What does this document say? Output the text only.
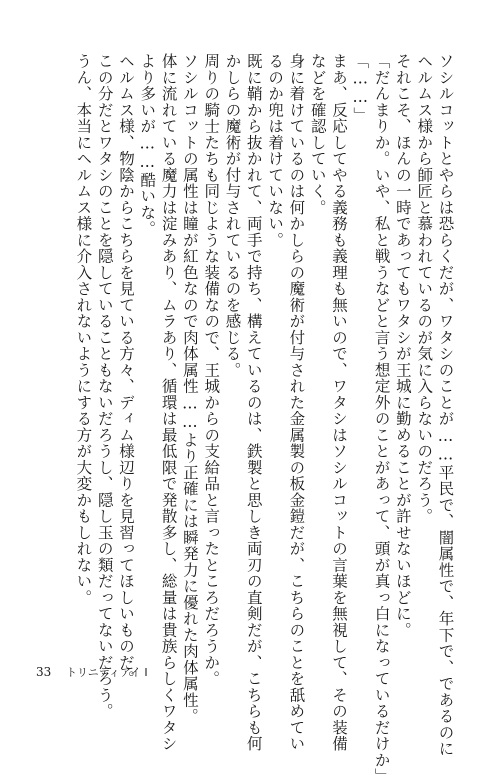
ソシルコットとやらは恐らくだが、ワタシのことが……平民で、闇属性で、年下で、であるのに
ヘルムス様から師匠と慕われているのが気に入らないのだろう。
それこそ、ほんの一時であってもワタシが王城に勤めることが許せないほどに。
「だんまりか。いや、私と戦うなどと言う想定外のことがあって、頭が真っ白になっているだけか」
「……」
まあ、反応してやる義務も義理も無いので、ワタシはソシルコットの言葉を無視して、その装備
などを確認していく。
身に着けているのは何かしらの魔術が付与された金属製の板金鎧だが、こちらのことを舐めてい
るのか兜は着けていない。
既に鞘から抜かれて、両手で持ち、構えているのは、鉄製と思しき両刃の直剣だが、こちらも何
かしらの魔術が付与されているのを感じる。
周りの騎士たちも同じような装備なので、王城からの支給品と言ったところだろうか。
ソシルコットの属性は瞳が紅色なので肉体属性……より正確には瞬発力に優れた肉体属性。
体に流れている魔力は淀みあり、ムラあり、循環は最低限で発散多し、総量は貴族らしくワタシ
より多いが……酷いな。
ヘルムス様、物陰からこちらを見ている方々、ディム様辺りを見習ってほしいものだ。
この分だとワタシのことを隠していることもないだろうし、隠し玉の類だってないだろう。
うん、本当にヘルムス様に介入されないようにする方が大変かもしれない。
33 トリニティアイ Ⅰ
